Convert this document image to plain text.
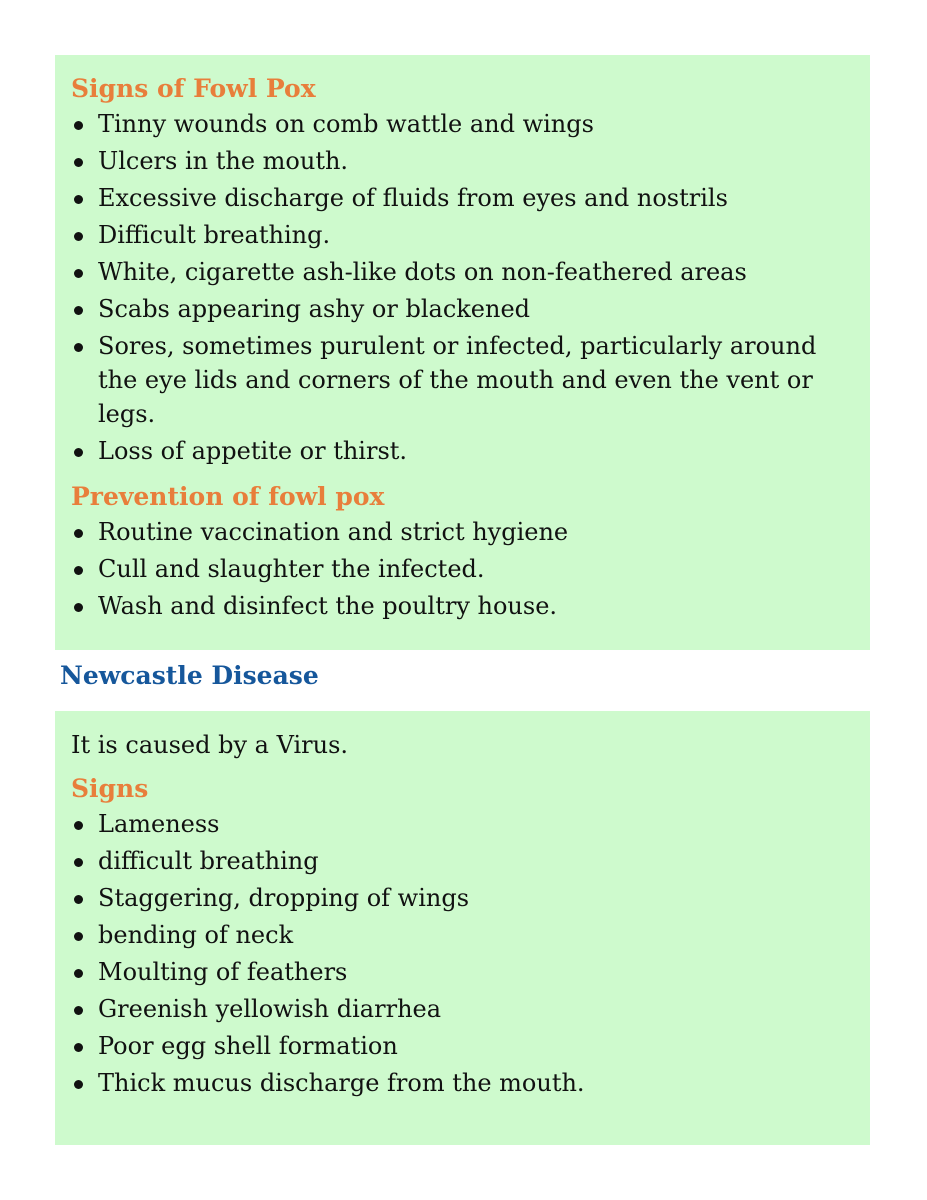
Signs of Fowl Pox
Tinny wounds on comb wattle and wings
Ulcers in the mouth.
Excessive discharge of fluids from eyes and nostrils
Difficult breathing.
White, cigarette ash-like dots on non-feathered areas
Scabs appearing ashy or blackened
Sores, sometimes purulent or infected, particularly around the eye lids and corners of the mouth and even the vent or legs.
Loss of appetite or thirst.
Prevention of fowl pox
Routine vaccination and strict hygiene
Cull and slaughter the infected.
Wash and disinfect the poultry house.
Newcastle Disease

It is caused by a Virus.

Signs
Lameness
difficult breathing
Staggering, dropping of wings
bending of neck
Moulting of feathers
Greenish yellowish diarrhea
Poor egg shell formation
Thick mucus discharge from the mouth.
